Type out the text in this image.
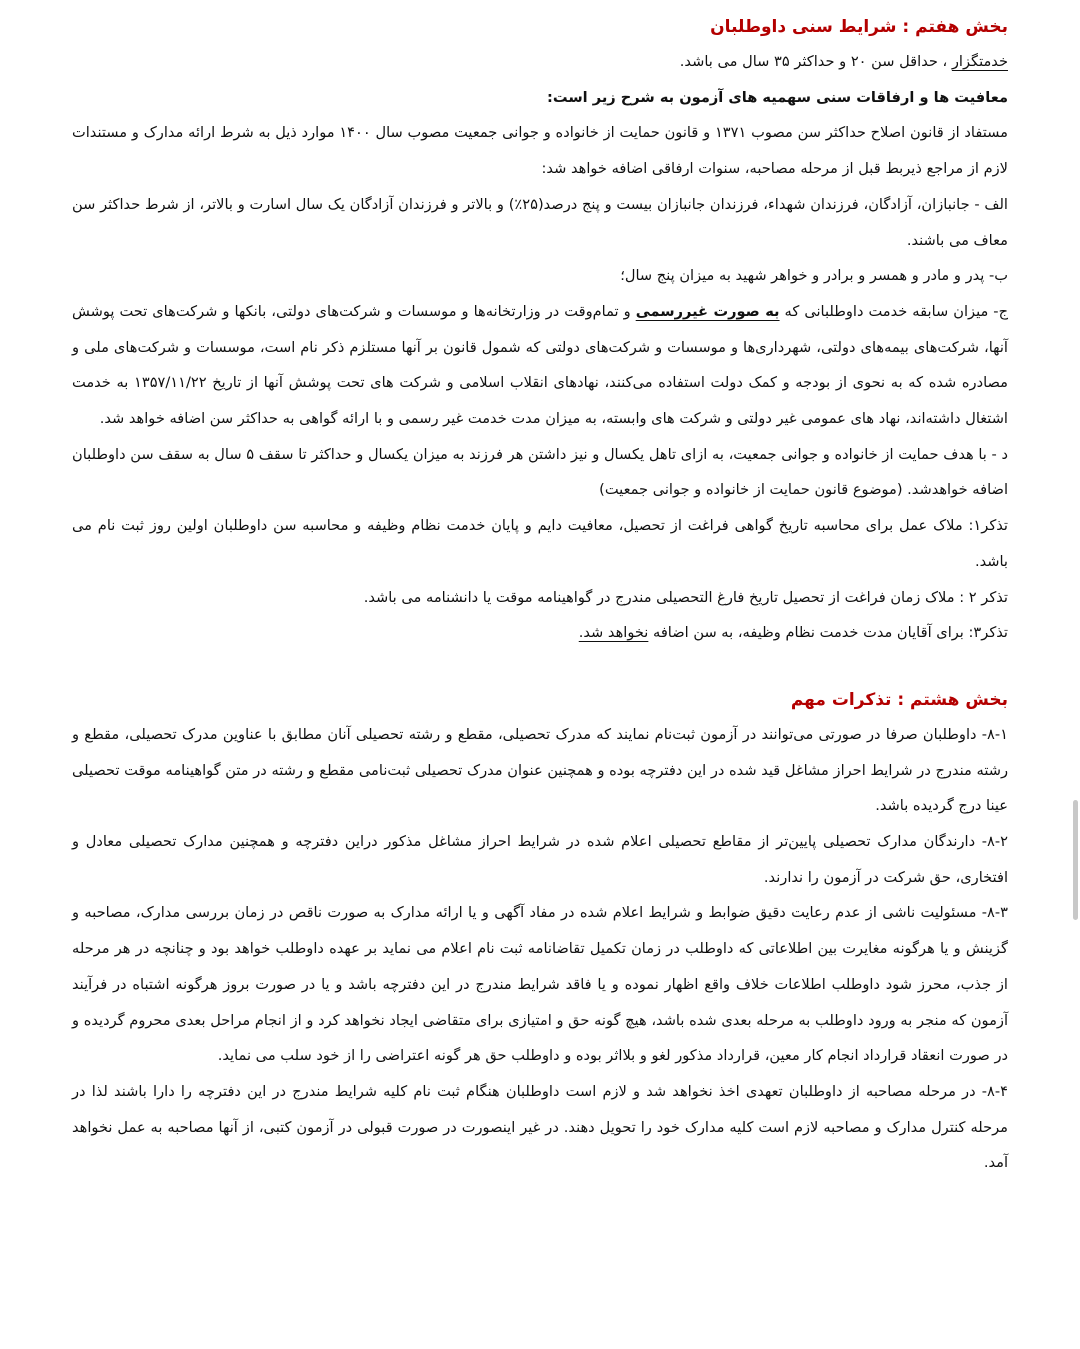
بخش هفتم : شرایط سنی داوطلبان

خدمتگزار ، حداقل سن ۲۰ و حداکثر ۳۵ سال می باشد.

معافیت ها و ارفاقات سنی سهمیه های آزمون به شرح زیر است:

مستفاد از قانون اصلاح حداکثر سن مصوب ۱۳۷۱ و قانون حمایت از خانواده و جوانی جمعیت مصوب سال ۱۴۰۰ موارد ذیل به شرط ارائه مدارک و مستندات لازم از مراجع ذیربط قبل از مرحله مصاحبه، سنوات ارفاقی اضافه خواهد شد:

الف - جانبازان، آزادگان، فرزندان شهداء، فرزندان جانبازان بیست و پنج درصد(۲۵٪) و بالاتر و فرزندان آزادگان یک سال اسارت و بالاتر، از شرط حداکثر سن معاف می باشند.

ب- پدر و مادر و همسر و برادر و خواهر شهید به میزان پنج سال؛

ج- میزان سابقه خدمت داوطلبانی که به صورت غیررسمی و تمام‌وقت در وزارتخانه‌ها و موسسات و شرکت‌های دولتی، بانکها و شرکت‌های تحت پوشش آنها، شرکت‌های بیمه‌های دولتی، شهرداری‌ها و موسسات و شرکت‌های دولتی که شمول قانون بر آنها مستلزم ذکر نام است، موسسات و شرکت‌های ملی و مصادره شده که به نحوی از بودجه و کمک دولت استفاده می‌کنند، نهادهای انقلاب اسلامی و شرکت های تحت پوشش آنها از تاریخ ۱۳۵۷/۱۱/۲۲ به خدمت اشتغال داشته‌اند، نهاد های عمومی غیر دولتی و شرکت های وابسته، به میزان مدت خدمت غیر رسمی و با ارائه گواهی به حداکثر سن اضافه خواهد شد.

د - با هدف حمایت از خانواده و جوانی جمعیت، به ازای تاهل یکسال و نیز داشتن هر فرزند به میزان یکسال و حداکثر تا سقف ۵ سال به سقف سن داوطلبان اضافه خواهدشد. (موضوع قانون حمایت از خانواده و جوانی جمعیت)

تذکر۱: ملاک عمل برای محاسبه تاریخ گواهی فراغت از تحصیل، معافیت دایم و پایان خدمت نظام وظیفه و محاسبه سن داوطلبان اولین روز ثبت نام می باشد.

تذکر ۲ : ملاک زمان فراغت از تحصیل تاریخ فارغ التحصیلی مندرج در گواهینامه موقت یا دانشنامه می باشد.

تذکر۳: برای آقایان مدت خدمت نظام وظیفه، به سن اضافه نخواهد شد.

بخش هشتم : تذکرات مهم

۸-۱- داوطلبان صرفا در صورتی می‌توانند در آزمون ثبت‌نام نمایند که مدرک تحصیلی، مقطع و رشته تحصیلی آنان مطابق با عناوین مدرک تحصیلی، مقطع و رشته مندرج در شرایط احراز مشاغل قید شده در این دفترچه بوده و همچنین عنوان مدرک تحصیلی ثبت‌نامی مقطع و رشته در متن گواهینامه موقت تحصیلی عینا درج گردیده باشد.

۸-۲- دارندگان مدارک تحصیلی پایین‌تر از مقاطع تحصیلی اعلام شده در شرایط احراز مشاغل مذکور دراین دفترچه و همچنین مدارک تحصیلی معادل و افتخاری، حق شرکت در آزمون را ندارند.

۸-۳- مسئولیت ناشی از عدم رعایت دقیق ضوابط و شرایط اعلام شده در مفاد آگهی و یا ارائه مدارک به صورت ناقص در زمان بررسی مدارک، مصاحبه و گزینش و یا هرگونه مغایرت بین اطلاعاتی که داوطلب در زمان تکمیل تقاضانامه ثبت نام اعلام می نماید بر عهده داوطلب خواهد بود و چنانچه در هر مرحله از جذب، محرز شود داوطلب اطلاعات خلاف واقع اظهار نموده و یا فاقد شرایط مندرج در این دفترچه باشد و یا در صورت بروز هرگونه اشتباه در فرآیند آزمون که منجر به ورود داوطلب به مرحله بعدی شده باشد، هیچ گونه حق و امتیازی برای متقاضی ایجاد نخواهد کرد و از انجام مراحل بعدی محروم گردیده و در صورت انعقاد قرارداد انجام کار معین، قرارداد مذکور لغو و بلااثر بوده و داوطلب حق هر گونه اعتراضی را از خود سلب می نماید.

۸-۴- در مرحله مصاحبه از داوطلبان تعهدی اخذ نخواهد شد و لازم است داوطلبان هنگام ثبت نام کلیه شرایط مندرج در این دفترچه را دارا باشند لذا در مرحله کنترل مدارک و مصاحبه لازم است کلیه مدارک خود را تحویل دهند. در غیر اینصورت در صورت قبولی در آزمون کتبی، از آنها مصاحبه به عمل نخواهد آمد.
